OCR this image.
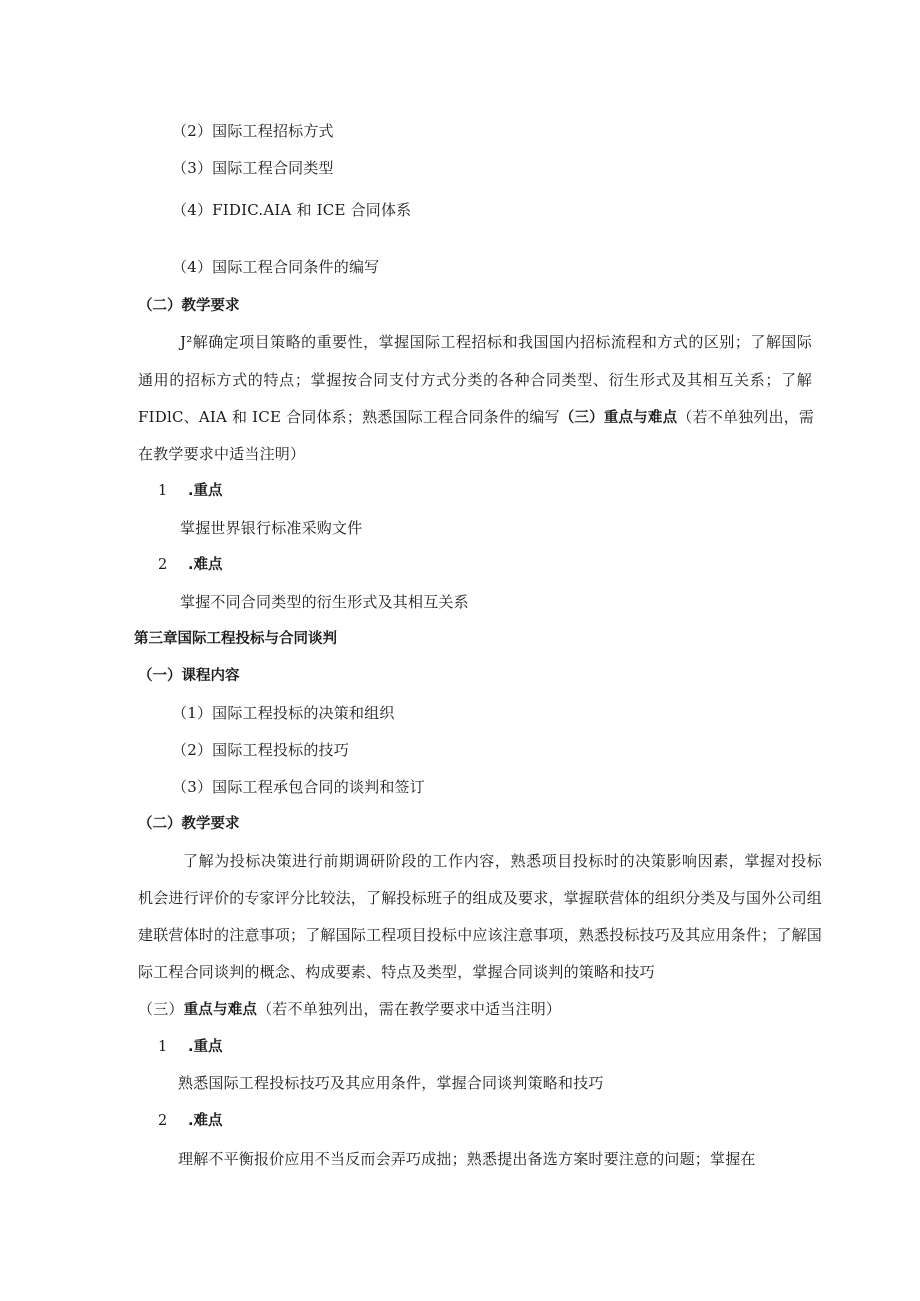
（2）国际工程招标方式
（3）国际工程合同类型
（4）FIDIC.AIA 和 ICE 合同体系
（4）国际工程合同条件的编写
（二）教学要求
J²解确定项目策略的重要性，掌握国际工程招标和我国国内招标流程和方式的区别；了解国际
通用的招标方式的特点；掌握按合同支付方式分类的各种合同类型、衍生形式及其相互关系；了解
FIDlC、AIA 和 ICE 合同体系；熟悉国际工程合同条件的编写（三）重点与难点（若不单独列出，需
在教学要求中适当注明）
1 .重点
掌握世界银行标准采购文件
2 .难点
掌握不同合同类型的衍生形式及其相互关系
第三章国际工程投标与合同谈判
（一）课程内容
（1）国际工程投标的决策和组织
（2）国际工程投标的技巧
（3）国际工程承包合同的谈判和签订
（二）教学要求
了解为投标决策进行前期调研阶段的工作内容，熟悉项目投标时的决策影响因素，掌握对投标
机会进行评价的专家评分比较法，了解投标班子的组成及要求，掌握联营体的组织分类及与国外公司组
建联营体时的注意事项；了解国际工程项目投标中应该注意事项，熟悉投标技巧及其应用条件；了解国
际工程合同谈判的概念、构成要素、特点及类型，掌握合同谈判的策略和技巧
（三）重点与难点（若不单独列出，需在教学要求中适当注明）
1 .重点
熟悉国际工程投标技巧及其应用条件，掌握合同谈判策略和技巧
2 .难点
理解不平衡报价应用不当反而会弄巧成拙；熟悉提出备选方案时要注意的问题；掌握在
